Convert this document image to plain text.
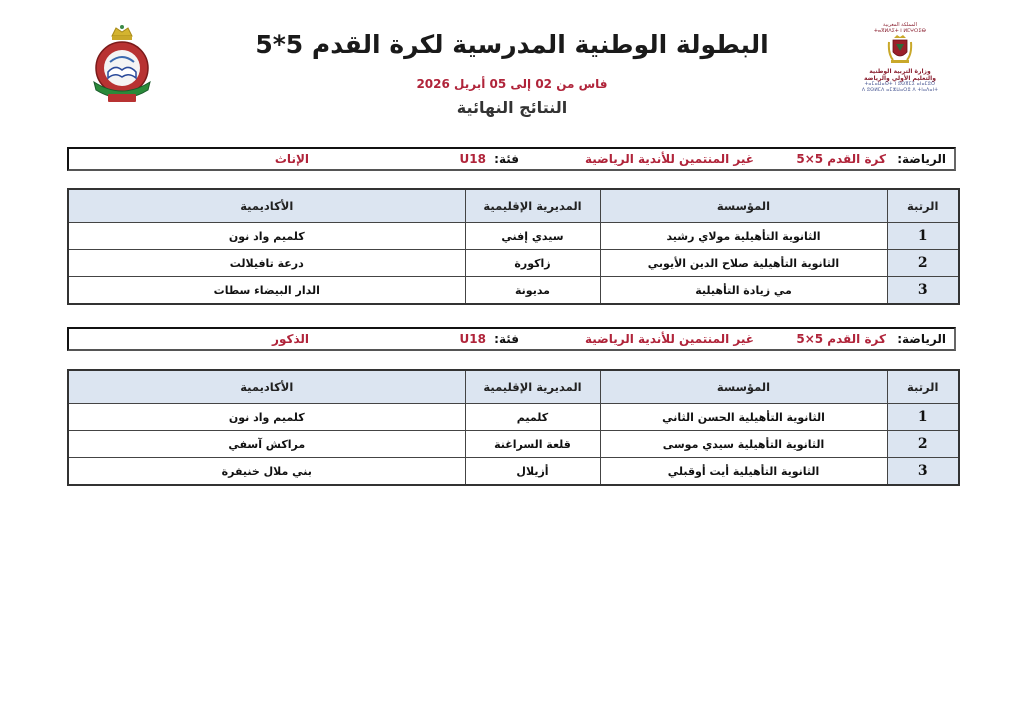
المملكة المغربية
ⵜⴰⴳⵍⴷⵉⵜ ⵏ ⵍⵎⵖⵔⵉⴱ
وزارة التربية الوطنية
والتعليم الأولي والرياضة
ⵜⴰⵎⴰⵡⴰⵙⵜ ⵏ ⵓⵙⴳⵎⵉ ⴰⵏⴰⵎⵓⵔ
ⴷ ⵓⵙⵍⵎⴷ ⴰⵎⵣⵡⴰⵔⵓ ⴷ ⵜⵏⴰⴷⴰⵏⵜ
البطولة الوطنية المدرسية لكرة القدم 5*5
فاس من 02 إلى 05 أبريل 2026
النتائج النهائية
الرياضة:
كرة القدم 5×5
غير المنتمين للأندية الرياضية
فئة:
U18
الإناث
الرتبة	المؤسسة	المديرية الإقليمية	الأكاديمية
1	الثانوية التأهيلية مولاي رشيد	سيدي إفني	كلميم واد نون
2	الثانوية التأهيلية صلاح الدين الأيوبي	زاكورة	درعة تافيلالت
3	مي زيادة التأهيلية	مديونة	الدار البيضاء سطات
الرياضة:
كرة القدم 5×5
غير المنتمين للأندية الرياضية
فئة:
U18
الذكور
الرتبة	المؤسسة	المديرية الإقليمية	الأكاديمية
1	الثانوية التأهيلية الحسن الثاني	كلميم	كلميم واد نون
2	الثانوية التأهيلية سيدي موسى	قلعة السراغنة	مراكش آسفي
3	الثانوية التأهيلية أيت أوقبلي	أزيلال	بني ملال خنيفرة
